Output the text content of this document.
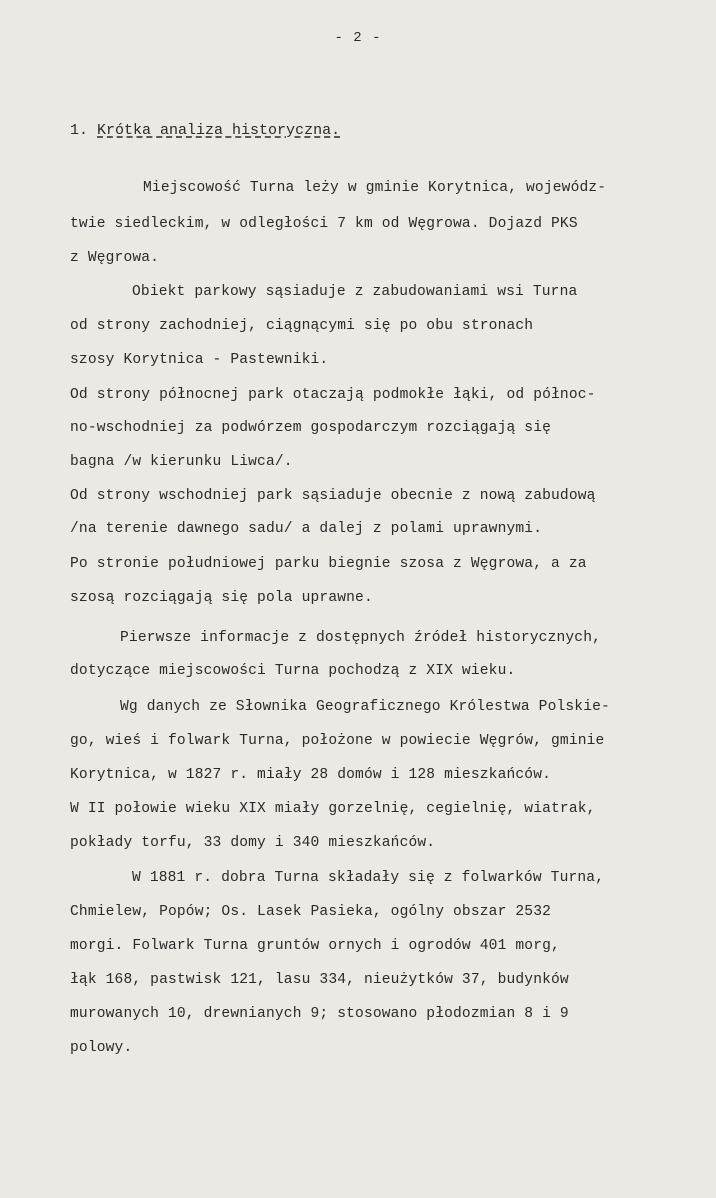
- 2 -
1. Krótka analiza historyczna.
Miejscowość Turna leży w gminie Korytnica, wojewódz-
twie siedleckim, w odległości 7 km od Węgrowa. Dojazd PKS
z Węgrowa.
Obiekt parkowy sąsiaduje z zabudowaniami wsi Turna
od strony zachodniej, ciągnącymi się po obu stronach
szosy Korytnica - Pastewniki.
Od strony północnej park otaczają podmokłe łąki, od północ-
no-wschodniej za podwórzem gospodarczym rozciągają się
bagna /w kierunku Liwca/.
Od strony wschodniej park sąsiaduje obecnie z nową zabudową
/na terenie dawnego sadu/ a dalej z polami uprawnymi.
Po stronie południowej parku biegnie szosa z Węgrowa, a za
szosą rozciągają się pola uprawne.
Pierwsze informacje z dostępnych źródeł historycznych,
dotyczące miejscowości Turna pochodzą z XIX wieku.
Wg danych ze Słownika Geograficznego Królestwa Polskie-
go, wieś i folwark Turna, położone w powiecie Węgrów, gminie
Korytnica, w 1827 r. miały 28 domów i 128 mieszkańców.
W II połowie wieku XIX miały gorzelnię, cegielnię, wiatrak,
pokłady torfu, 33 domy i 340 mieszkańców.
W 1881 r. dobra Turna składały się z folwarków Turna,
Chmielew, Popów; Os. Lasek Pasieka, ogólny obszar 2532
morgi. Folwark Turna gruntów ornych i ogrodów 401 morg,
łąk 168, pastwisk 121, lasu 334, nieużytków 37, budynków
murowanych 10, drewnianych 9; stosowano płodozmian 8 i 9
polowy.
